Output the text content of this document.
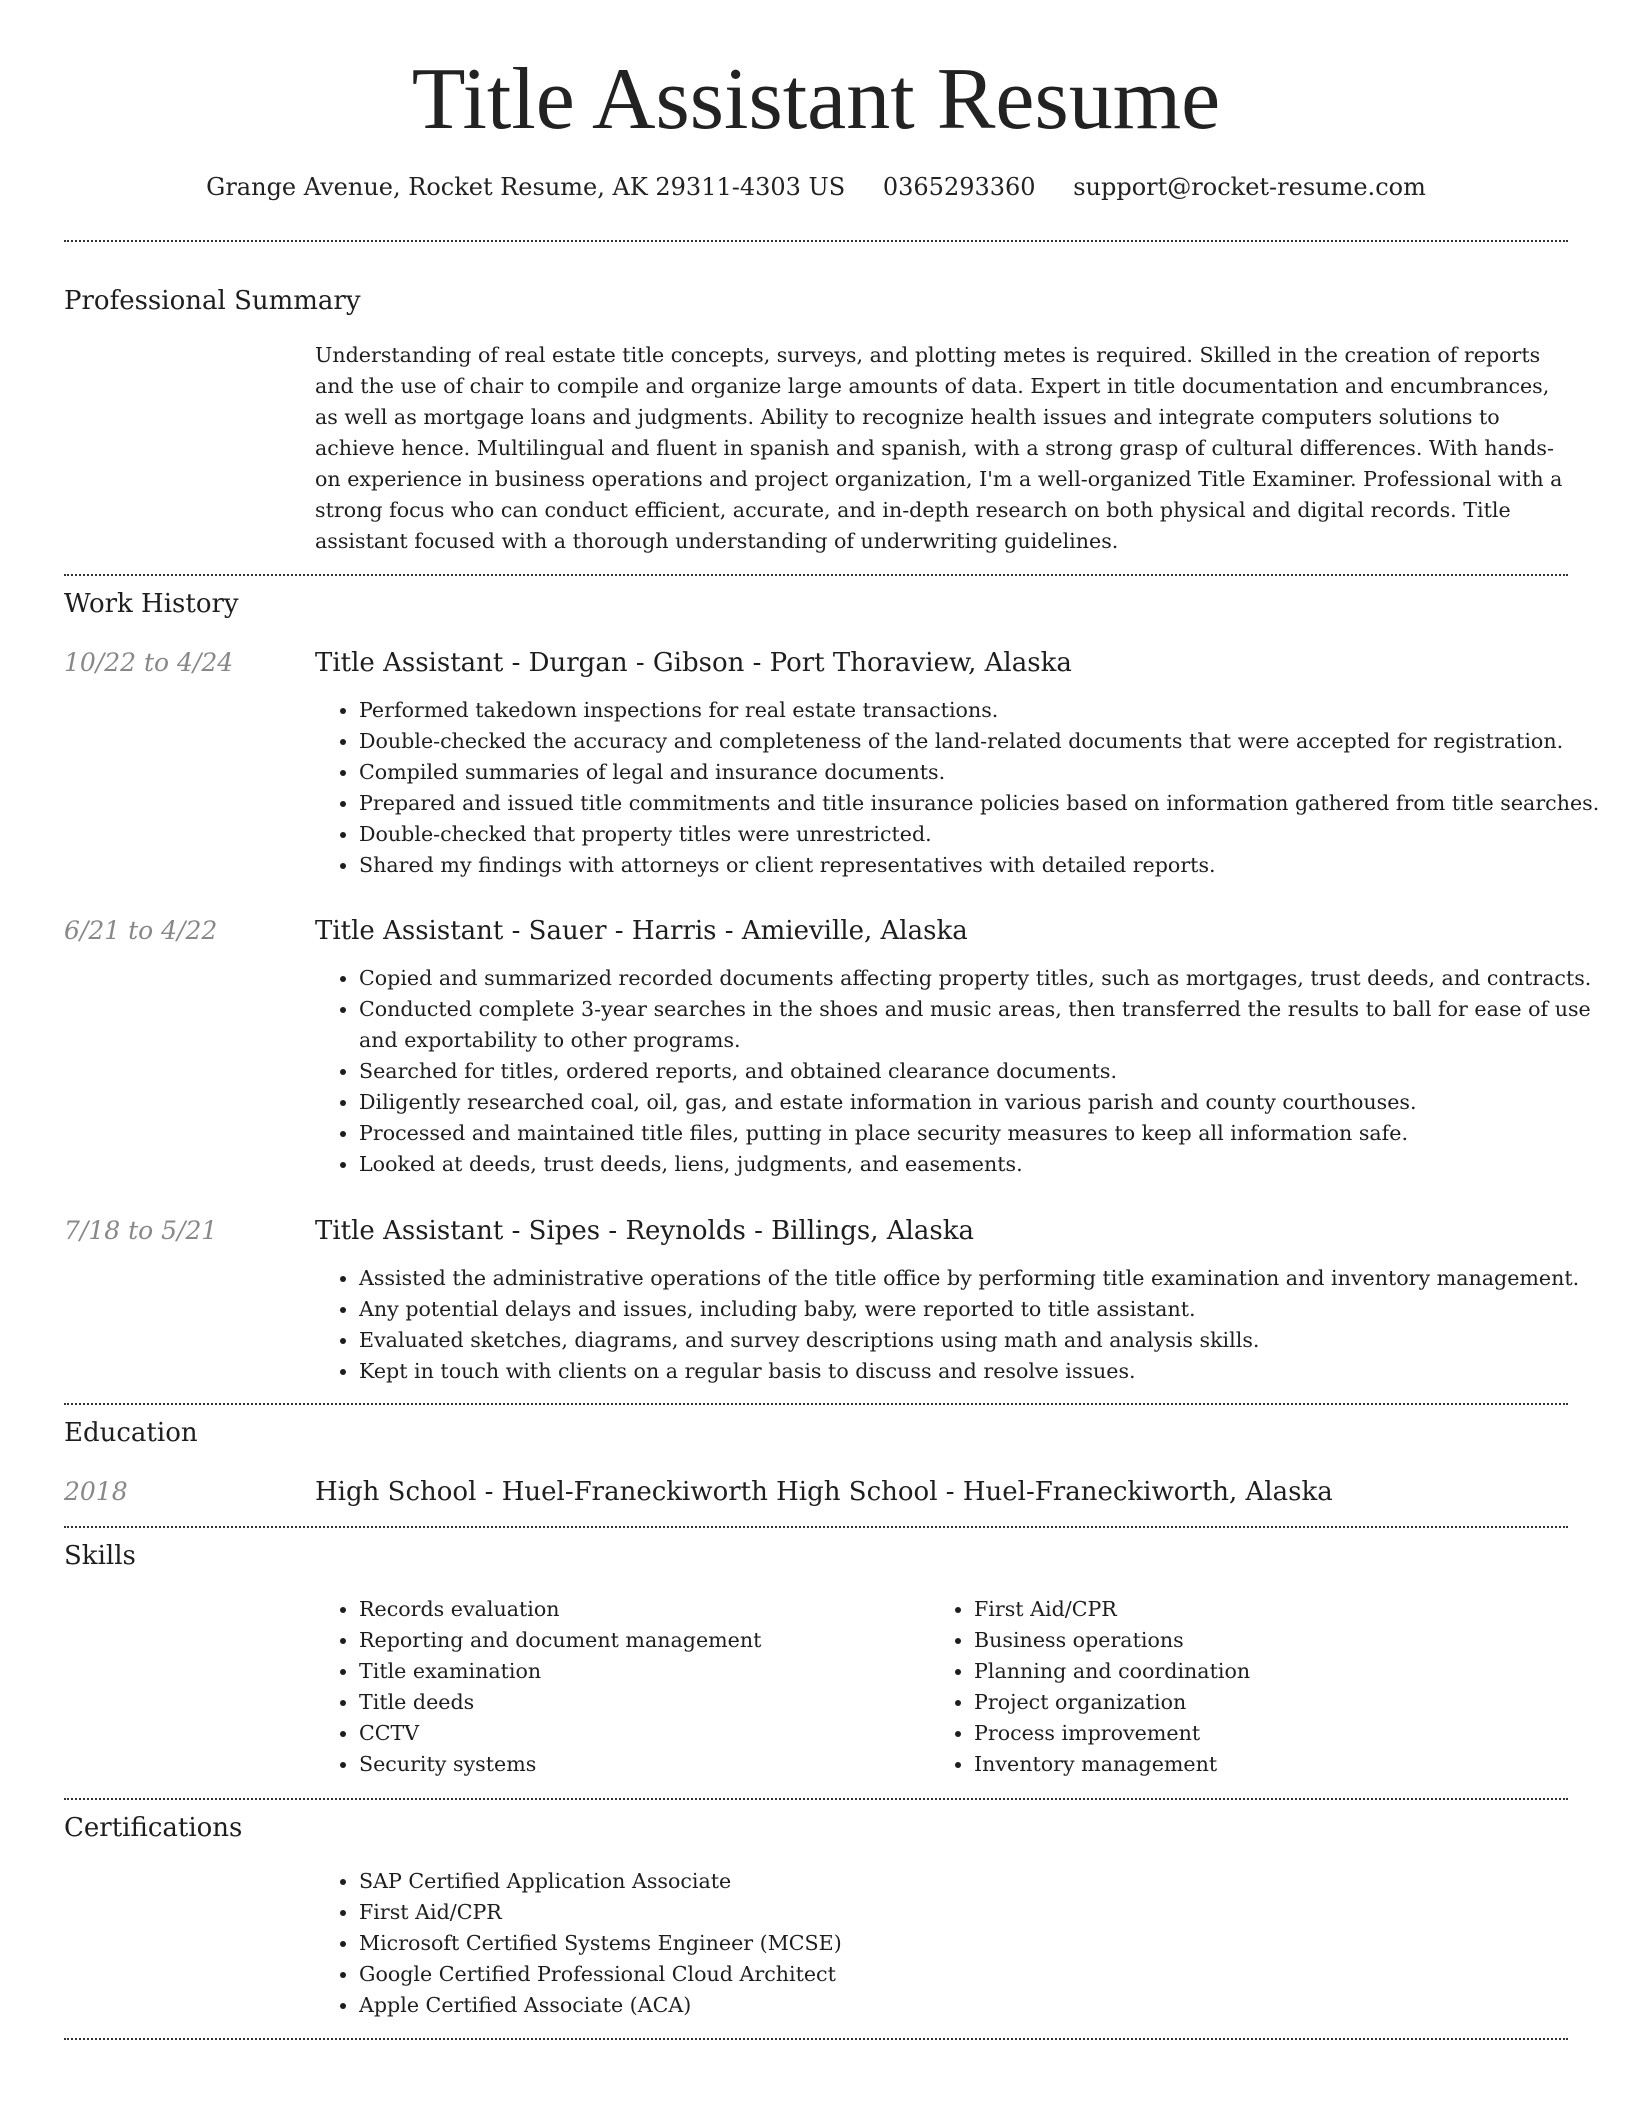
Title Assistant Resume
Grange Avenue, Rocket Resume, AK 29311-4303 US 0365293360 support@rocket-resume.com
Professional Summary

Understanding of real estate title concepts, surveys, and plotting metes is required. Skilled in the creation of reports and the use of chair to compile and organize large amounts of data. Expert in title documentation and encumbrances, as well as mortgage loans and judgments. Ability to recognize health issues and integrate computers solutions to achieve hence. Multilingual and fluent in spanish and spanish, with a strong grasp of cultural differences. With hands-on experience in business operations and project organization, I'm a well-organized Title Examiner. Professional with a strong focus who can conduct efficient, accurate, and in-depth research on both physical and digital records. Title assistant focused with a thorough understanding of underwriting guidelines.

Work History
10/22 to 4/24	Title Assistant - Durgan - Gibson - Port Thoraview, Alaska
• Performed takedown inspections for real estate transactions.
• Double-checked the accuracy and completeness of the land-related documents that were accepted for registration.
• Compiled summaries of legal and insurance documents.
• Prepared and issued title commitments and title insurance policies based on information gathered from title searches.
• Double-checked that property titles were unrestricted.
• Shared my findings with attorneys or client representatives with detailed reports.
6/21 to 4/22	Title Assistant - Sauer - Harris - Amieville, Alaska
• Copied and summarized recorded documents affecting property titles, such as mortgages, trust deeds, and contracts.
• Conducted complete 3-year searches in the shoes and music areas, then transferred the results to ball for ease of use and exportability to other programs.
• Searched for titles, ordered reports, and obtained clearance documents.
• Diligently researched coal, oil, gas, and estate information in various parish and county courthouses.
• Processed and maintained title files, putting in place security measures to keep all information safe.
• Looked at deeds, trust deeds, liens, judgments, and easements.
7/18 to 5/21	Title Assistant - Sipes - Reynolds - Billings, Alaska
• Assisted the administrative operations of the title office by performing title examination and inventory management.
• Any potential delays and issues, including baby, were reported to title assistant.
• Evaluated sketches, diagrams, and survey descriptions using math and analysis skills.
• Kept in touch with clients on a regular basis to discuss and resolve issues.
Education
2018	High School - Huel-Franeckiworth High School - Huel-Franeckiworth, Alaska
Skills
• Records evaluation
• Reporting and document management
• Title examination
• Title deeds
• CCTV
• Security systems
• First Aid/CPR
• Business operations
• Planning and coordination
• Project organization
• Process improvement
• Inventory management
Certifications
• SAP Certified Application Associate
• First Aid/CPR
• Microsoft Certified Systems Engineer (MCSE)
• Google Certified Professional Cloud Architect
• Apple Certified Associate (ACA)
